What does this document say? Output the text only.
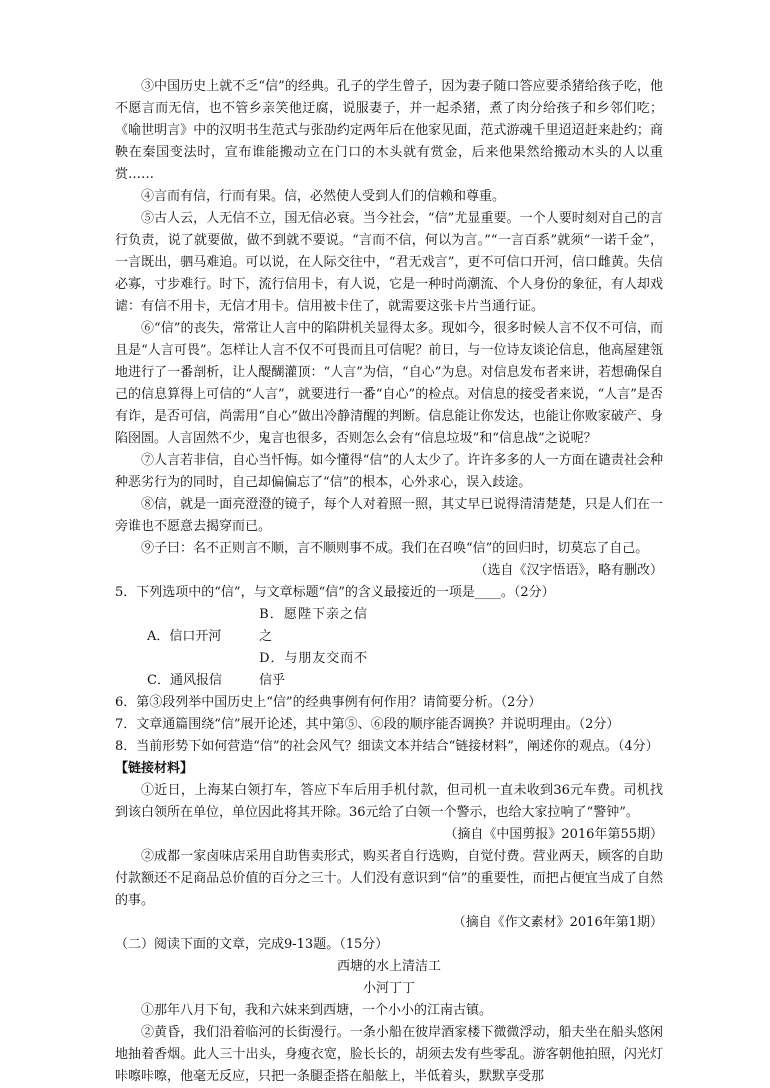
③中国历史上就不乏“信”的经典。孔子的学生曾子，因为妻子随口答应要杀猪给孩子吃，他不愿言而无信，也不管乡亲笑他迂腐，说服妻子，并一起杀猪，煮了肉分给孩子和乡邻们吃；《喻世明言》中的汉明书生范式与张劭约定两年后在他家见面，范式游魂千里迢迢赶来赴约；商鞅在秦国变法时，宣布谁能搬动立在门口的木头就有赏金，后来他果然给搬动木头的人以重赏……

④言而有信，行而有果。信，必然使人受到人们的信赖和尊重。

⑤古人云，人无信不立，国无信必衰。当今社会，“信”尤显重要。一个人要时刻对自己的言行负责，说了就要做，做不到就不要说。“言而不信，何以为言。”“一言百系”就须“一诺千金”，一言既出，驷马难追。可以说，在人际交往中，“君无戏言”，更不可信口开河，信口雌黄。失信必寡，寸步难行。时下，流行信用卡，有人说，它是一种时尚潮流、个人身份的象征，有人却戏谑：有信不用卡，无信才用卡。信用被卡住了，就需要这张卡片当通行证。

⑥“信”的丧失，常常让人言中的陷阱机关显得太多。现如今，很多时候人言不仅不可信，而且是“人言可畏”。怎样让人言不仅不可畏而且可信呢？前日，与一位诗友谈论信息，他高屋建瓴地进行了一番剖析，让人醍醐灌顶：“人言”为信，“自心”为息。对信息发布者来讲，若想确保自己的信息算得上可信的“人言”，就要进行一番“自心”的检点。对信息的接受者来说，“人言”是否有诈，是否可信，尚需用“自心”做出冷静清醒的判断。信息能让你发达，也能让你败家破产、身陷囹圄。人言固然不少，鬼言也很多，否则怎么会有“信息垃圾”和“信息战”之说呢？

⑦人言若非信，自心当忏悔。如今懂得“信”的人太少了。许许多多的人一方面在谴责社会种种恶劣行为的同时，自己却偏偏忘了“信”的根本，心外求心，误入歧途。

⑧信，就是一面亮澄澄的镜子，每个人对着照一照，其丈早已说得清清楚楚，只是人们在一旁谁也不愿意去揭穿而已。

⑨子曰：名不正则言不顺，言不顺则事不成。我们在召唤“信”的回归时，切莫忘了自己。

（选自《汉字悟语》，略有删改）

5．下列选项中的“信”，与文章标题“信”的含义最接近的一项是____。（2分）

A．信口开河 B．愿陛下亲之信之

C．通风报信 D．与朋友交而不信乎

6．第③段列举中国历史上“信”的经典事例有何作用？请简要分析。（2分）

7．文章通篇围绕“信”展开论述，其中第⑤、⑥段的顺序能否调换？并说明理由。（2分）

8．当前形势下如何营造“信”的社会风气？细读文本并结合“链接材料”，阐述你的观点。（4分）

【链接材料】

①近日，上海某白领打车，答应下车后用手机付款，但司机一直未收到36元车费。司机找到该白领所在单位，单位因此将其开除。36元给了白领一个警示，也给大家拉响了“警钟”。

（摘自《中国剪报》2016年第55期）

②成都一家卤味店采用自助售卖形式，购买者自行选购，自觉付费。营业两天，顾客的自助付款额还不足商品总价值的百分之三十。人们没有意识到“信”的重要性，而把占便宜当成了自然的事。

（摘自《作文素材》2016年第1期）

（二）阅读下面的文章，完成9-13题。（15分）

西塘的水上清洁工

小河丁丁

①那年八月下旬，我和六妹来到西塘，一个小小的江南古镇。

②黄昏，我们沿着临河的长街漫行。一条小船在彼岸酒家楼下微微浮动，船夫坐在船头悠闲地抽着香烟。此人三十出头，身瘦衣宽，脸长长的，胡须去发有些零乱。游客朝他拍照，闪光灯咔嚓咔嚓，他毫无反应，只把一条腿歪搭在船舷上，半低着头，默默享受那
